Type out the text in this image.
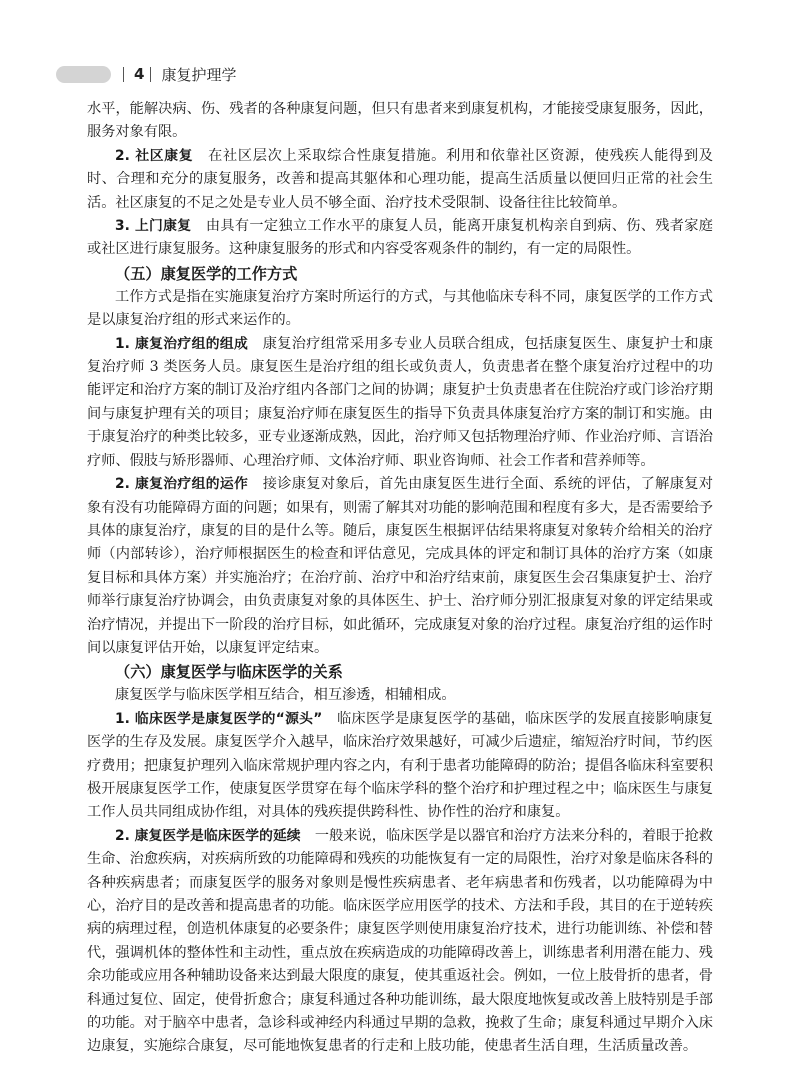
4 康复护理学

水平，能解决病、伤、残者的各种康复问题，但只有患者来到康复机构，才能接受康复服务，因此，服务对象有限。

2. 社区康复　 在社区层次上采取综合性康复措施。利用和依靠社区资源，使残疾人能得到及时、合理和充分的康复服务，改善和提高其躯体和心理功能，提高生活质量以便回归正常的社会生活。社区康复的不足之处是专业人员不够全面、治疗技术受限制、设备往往比较简单。

3. 上门康复　 由具有一定独立工作水平的康复人员，能离开康复机构亲自到病、伤、残者家庭或社区进行康复服务。这种康复服务的形式和内容受客观条件的制约，有一定的局限性。

（五）康复医学的工作方式

工作方式是指在实施康复治疗方案时所运行的方式，与其他临床专科不同，康复医学的工作方式是以康复治疗组的形式来运作的。

1. 康复治疗组的组成　 康复治疗组常采用多专业人员联合组成，包括康复医生、康复护士和康复治疗师 3 类医务人员。康复医生是治疗组的组长或负责人，负责患者在整个康复治疗过程中的功能评定和治疗方案的制订及治疗组内各部门之间的协调；康复护士负责患者在住院治疗或门诊治疗期间与康复护理有关的项目；康复治疗师在康复医生的指导下负责具体康复治疗方案的制订和实施。由于康复治疗的种类比较多，亚专业逐渐成熟，因此，治疗师又包括物理治疗师、作业治疗师、言语治疗师、假肢与矫形器师、心理治疗师、文体治疗师、职业咨询师、社会工作者和营养师等。

2. 康复治疗组的运作　 接诊康复对象后，首先由康复医生进行全面、系统的评估，了解康复对象有没有功能障碍方面的问题；如果有，则需了解其对功能的影响范围和程度有多大，是否需要给予具体的康复治疗，康复的目的是什么等。随后，康复医生根据评估结果将康复对象转介给相关的治疗师（内部转诊），治疗师根据医生的检查和评估意见，完成具体的评定和制订具体的治疗方案（如康复目标和具体方案）并实施治疗；在治疗前、治疗中和治疗结束前，康复医生会召集康复护士、治疗师举行康复治疗协调会，由负责康复对象的具体医生、护士、治疗师分别汇报康复对象的评定结果或治疗情况，并提出下一阶段的治疗目标，如此循环，完成康复对象的治疗过程。康复治疗组的运作时间以康复评估开始，以康复评定结束。

（六）康复医学与临床医学的关系

康复医学与临床医学相互结合，相互渗透，相辅相成。

1. 临床医学是康复医学的“源头”　 临床医学是康复医学的基础，临床医学的发展直接影响康复医学的生存及发展。康复医学介入越早，临床治疗效果越好，可减少后遗症，缩短治疗时间，节约医疗费用；把康复护理列入临床常规护理内容之内，有利于患者功能障碍的防治；提倡各临床科室要积极开展康复医学工作，使康复医学贯穿在每个临床学科的整个治疗和护理过程之中；临床医生与康复工作人员共同组成协作组，对具体的残疾提供跨科性、协作性的治疗和康复。

2. 康复医学是临床医学的延续　 一般来说，临床医学是以器官和治疗方法来分科的，着眼于抢救生命、治愈疾病，对疾病所致的功能障碍和残疾的功能恢复有一定的局限性，治疗对象是临床各科的各种疾病患者；而康复医学的服务对象则是慢性疾病患者、老年病患者和伤残者，以功能障碍为中心，治疗目的是改善和提高患者的功能。临床医学应用医学的技术、方法和手段，其目的在于逆转疾病的病理过程，创造机体康复的必要条件；康复医学则使用康复治疗技术，进行功能训练、补偿和替代，强调机体的整体性和主动性，重点放在疾病造成的功能障碍改善上，训练患者利用潜在能力、残余功能或应用各种辅助设备来达到最大限度的康复，使其重返社会。例如，一位上肢骨折的患者，骨科通过复位、固定，使骨折愈合；康复科通过各种功能训练，最大限度地恢复或改善上肢特别是手部的功能。对于脑卒中患者，急诊科或神经内科通过早期的急救，挽救了生命；康复科通过早期介入床边康复，实施综合康复，尽可能地恢复患者的行走和上肢功能，使患者生活自理，生活质量改善。
